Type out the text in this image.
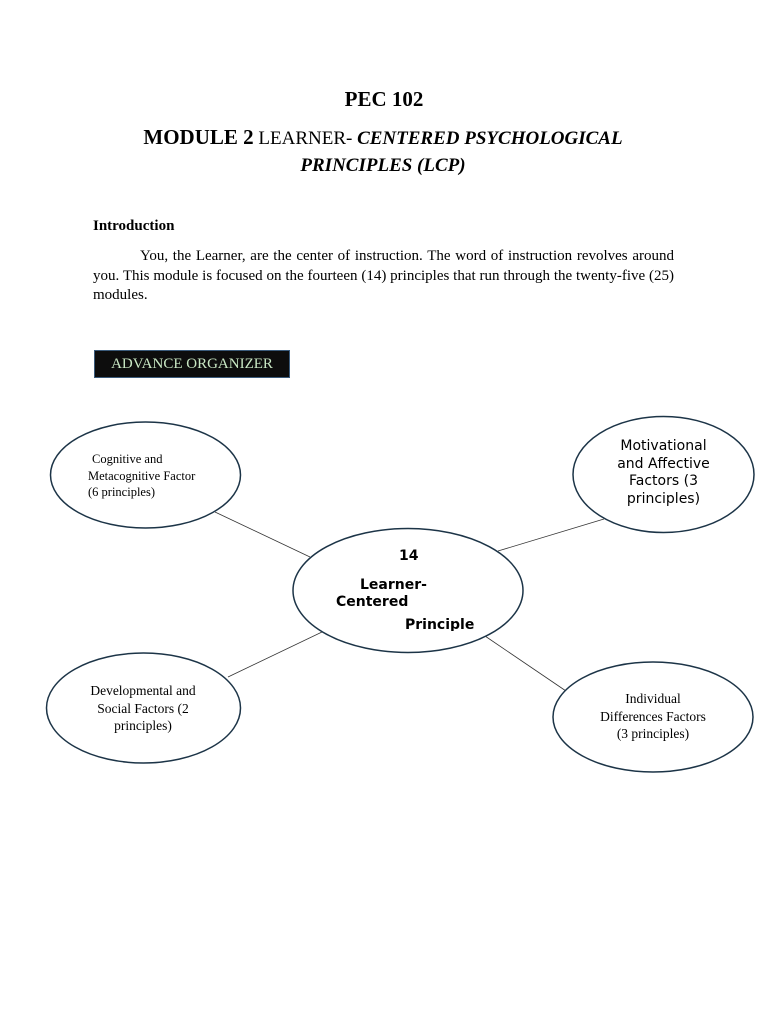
PEC 102
MODULE 2 LEARNER- CENTERED PSYCHOLOGICAL PRINCIPLES (LCP)
Introduction

You, the Learner, are the center of instruction. The word of instruction revolves around you. This module is focused on the fourteen (14) principles that run through the twenty-five (25) modules.

ADVANCE ORGANIZER
Cognitive and
Metacognitive Factor
(6 principles)
Motivational
and Affective
Factors (3
principles)
14
Learner-
Centered
Principle
Developmental and
Social Factors (2
principles)
Individual
Differences Factors
(3 principles)
